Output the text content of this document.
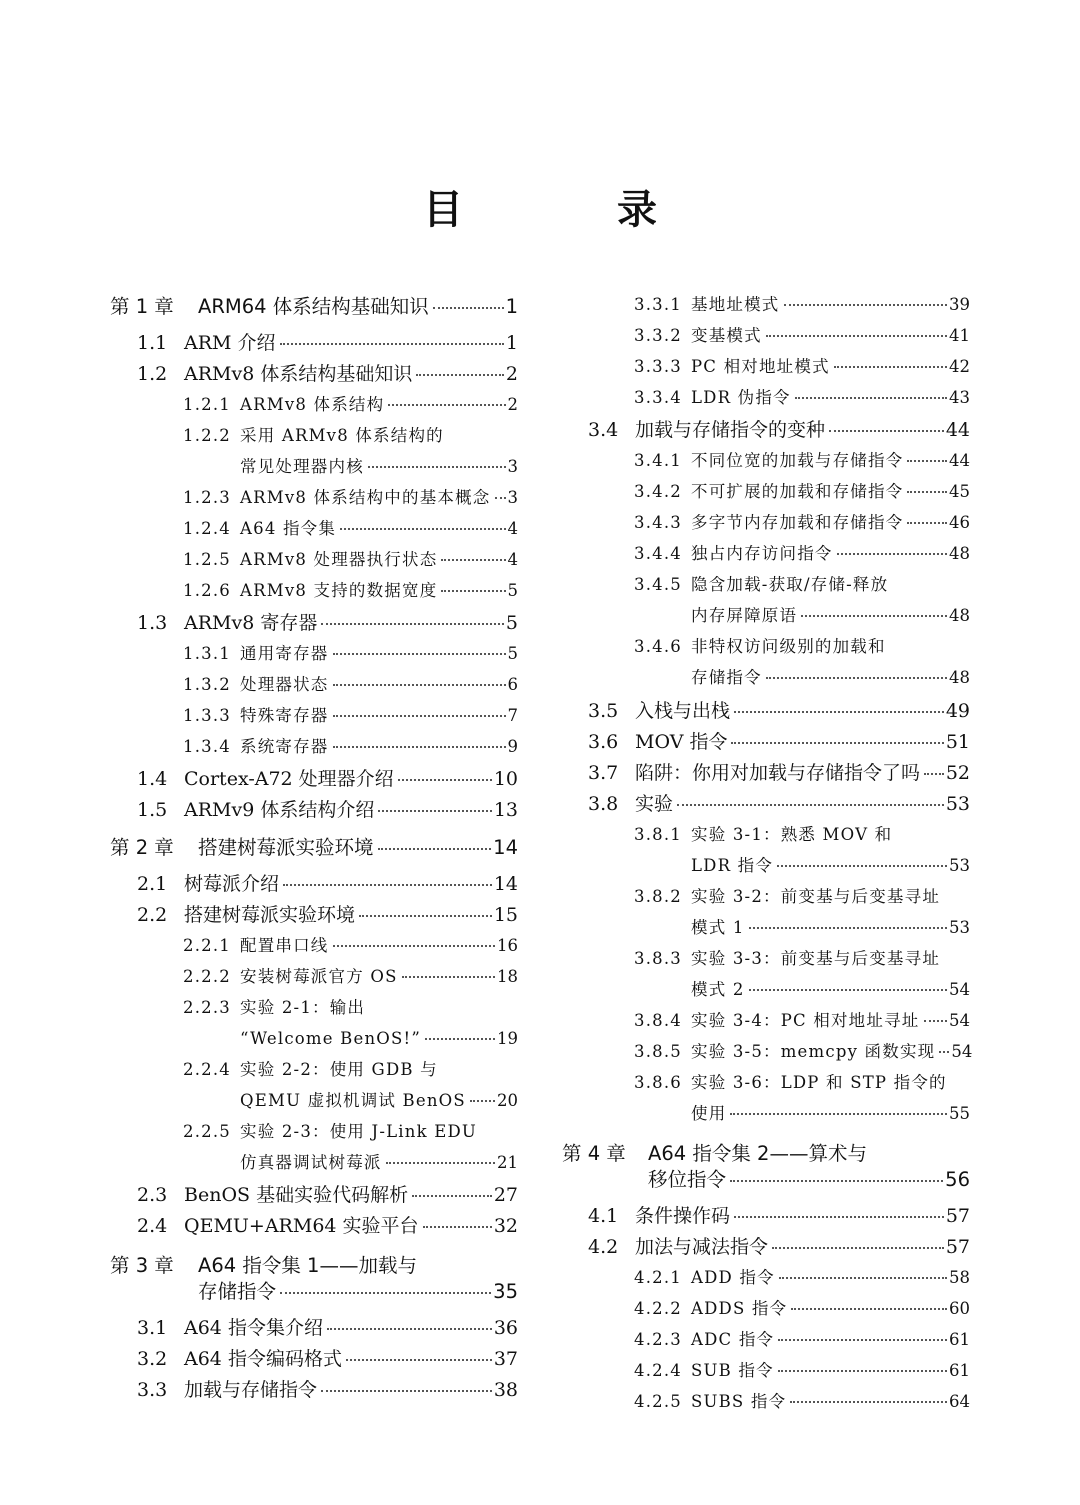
目 录
第 1 章 ARM64 体系结构基础知识	1
1.1 ARM 介绍	1
1.2 ARMv8 体系结构基础知识	2
1.2.1 ARMv8 体系结构	2
1.2.2 采用 ARMv8 体系结构的
常见处理器内核	3
1.2.3 ARMv8 体系结构中的基本概念 3
1.2.4 A64 指令集	4
1.2.5 ARMv8 处理器执行状态	4
1.2.6 ARMv8 支持的数据宽度	5
1.3 ARMv8 寄存器	5
1.3.1 通用寄存器	5
1.3.2 处理器状态	6
1.3.3 特殊寄存器	7
1.3.4 系统寄存器	9
1.4 Cortex-A72 处理器介绍	10
1.5 ARMv9 体系结构介绍	13
第 2 章 搭建树莓派实验环境	14
2.1 树莓派介绍	14
2.2 搭建树莓派实验环境	15
2.2.1 配置串口线	16
2.2.2 安装树莓派官方 OS	18
2.2.3 实验 2-1：输出
“Welcome BenOS!”	19
2.2.4 实验 2-2：使用 GDB 与
QEMU 虚拟机调试 BenOS 20
2.2.5 实验 2-3：使用 J-Link EDU
仿真器调试树莓派	21
2.3 BenOS 基础实验代码解析	27
2.4 QEMU+ARM64 实验平台	32
第 3 章 A64 指令集 1——加载与
存储指令	35
3.1 A64 指令集介绍	36
3.2 A64 指令编码格式	37
3.3 加载与存储指令	38
3.3.1 基地址模式	39
3.3.2 变基模式	41
3.3.3 PC 相对地址模式	42
3.3.4 LDR 伪指令	43
3.4 加载与存储指令的变种	44
3.4.1 不同位宽的加载与存储指令	44
3.4.2 不可扩展的加载和存储指令	45
3.4.3 多字节内存加载和存储指令	46
3.4.4 独占内存访问指令	48
3.4.5 隐含加载-获取/存储-释放
内存屏障原语	48
3.4.6 非特权访问级别的加载和
存储指令	48
3.5 入栈与出栈	49
3.6 MOV 指令	51
3.7 陷阱：你用对加载与存储指令了吗 52
3.8 实验	53
3.8.1 实验 3-1：熟悉 MOV 和
LDR 指令	53
3.8.2 实验 3-2：前变基与后变基寻址
模式 1	53
3.8.3 实验 3-3：前变基与后变基寻址
模式 2	54
3.8.4 实验 3-4：PC 相对地址寻址 54
3.8.5 实验 3-5：memcpy 函数实现 54
3.8.6 实验 3-6：LDP 和 STP 指令的
使用	55
第 4 章 A64 指令集 2——算术与
移位指令	56
4.1 条件操作码	57
4.2 加法与减法指令	57
4.2.1 ADD 指令	58
4.2.2 ADDS 指令	60
4.2.3 ADC 指令	61
4.2.4 SUB 指令	61
4.2.5 SUBS 指令	64
